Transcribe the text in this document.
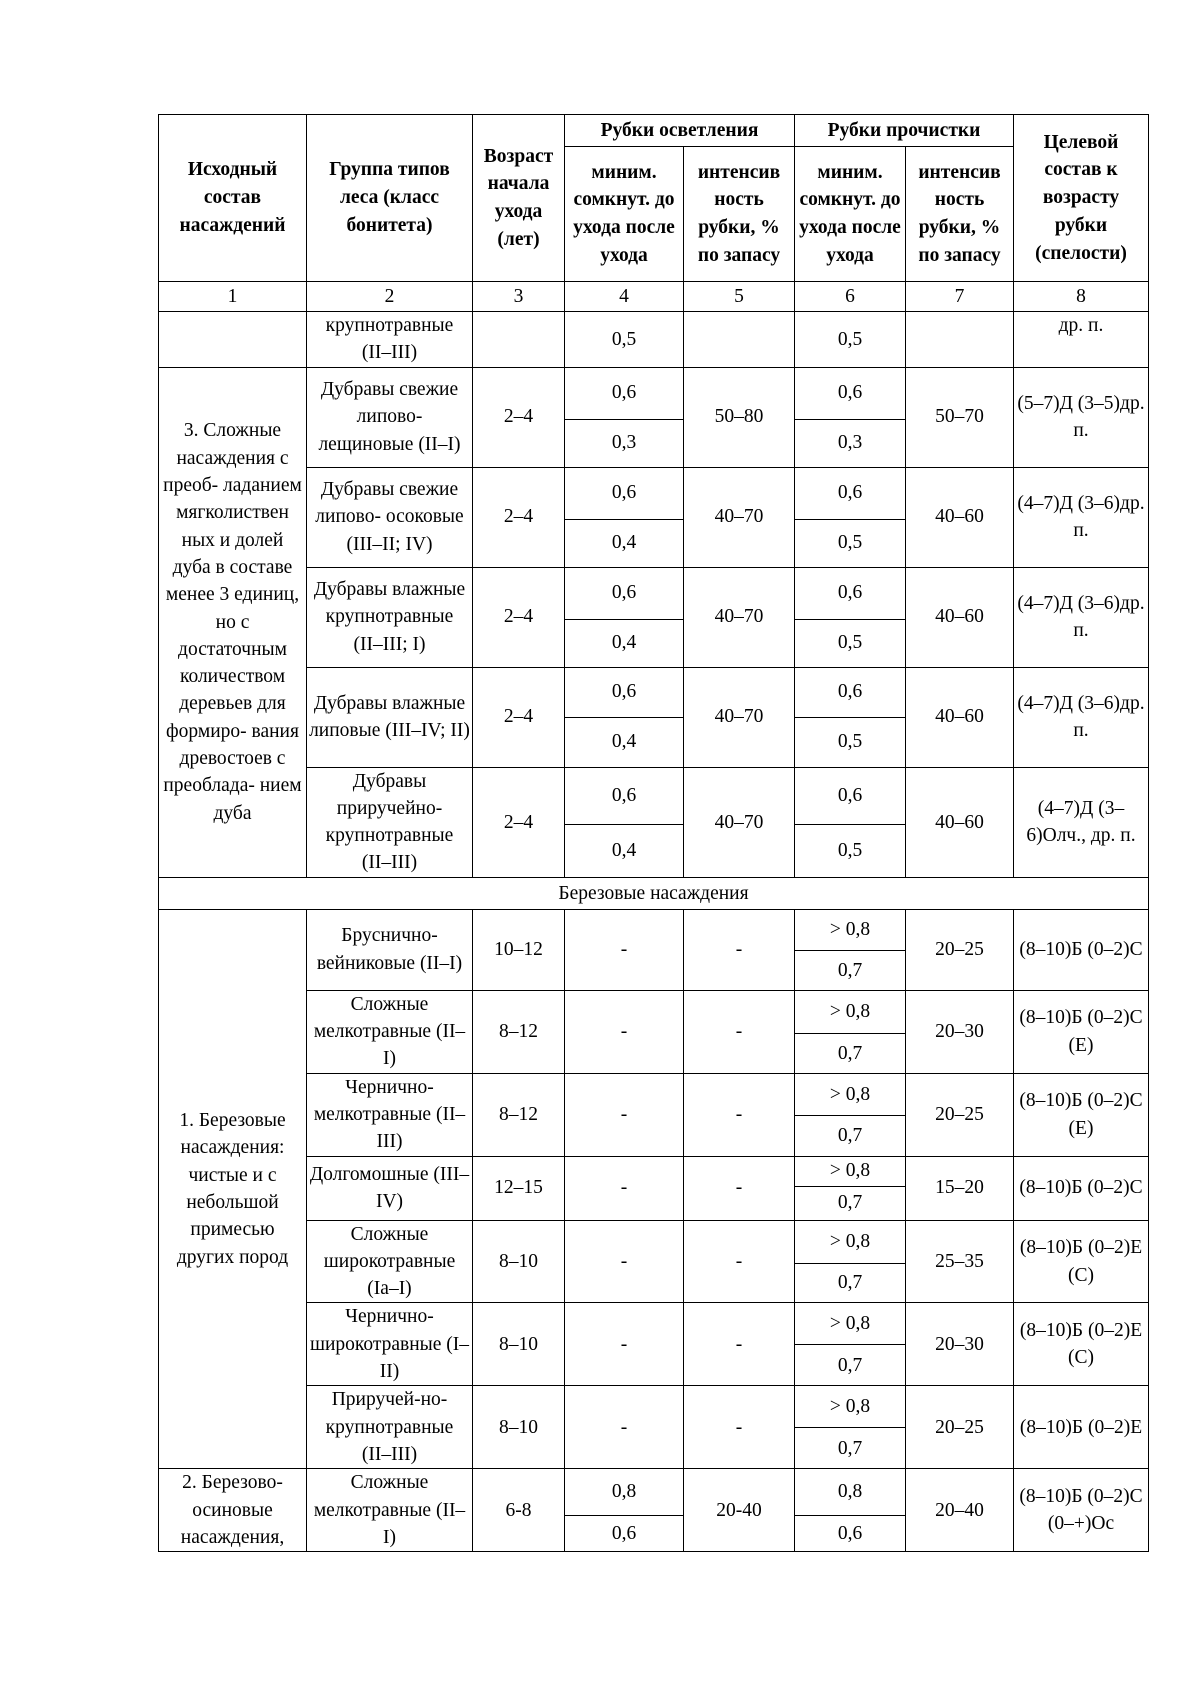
Исходный состав насаждений	Группа типов леса (класс бонитета)	Возраст начала ухода (лет)	Рубки осветления		Рубки прочистки		Целевой состав к возрасту рубки (спелости)
			миним. сомкнут. до ухода после ухода	интенсив ность рубки, % по запасу	миним. сомкнут. до ухода после ухода	интенсив ность рубки, % по запасу	
1	2	3	4	5	6	7	8
	крупнотравные (II–III)		0,5		0,5		др. п.
3. Сложные насаждения с преоб- ладанием мягколиствен ных и долей дуба в составе менее 3 единиц, но с достаточным количеством деревьев для формиро- вания древостоев с преоблада- нием дуба	Дубравы свежие липово- лещиновые (II–I)	2–4	0,6	50–80	0,6	50–70	(5–7)Д (3–5)др. п.
			0,3		0,3		
	Дубравы свежие липово- осоковые (III–II; IV)	2–4	0,6	40–70	0,6	40–60	(4–7)Д (3–6)др. п.
			0,4		0,5		
	Дубравы влажные крупнотравные (II–III; I)	2–4	0,6	40–70	0,6	40–60	(4–7)Д (3–6)др. п.
			0,4		0,5		
	Дубравы влажные липовые (III–IV; II)	2–4	0,6	40–70	0,6	40–60	(4–7)Д (3–6)др. п.
			0,4		0,5		
	Дубравы приручейно- крупнотравные (II–III)	2–4	0,6	40–70	0,6	40–60	(4–7)Д (3–6)Олч., др. п.
			0,4		0,5		
Березовые насаждения							
1. Березовые насаждения: чистые и с небольшой примесью других пород	Бруснично- вейниковые (II–I)	10–12	-	-	> 0,8	20–25	(8–10)Б (0–2)С
					0,7		
	Сложные мелкотравные (II–I)	8–12	-	-	> 0,8	20–30	(8–10)Б (0–2)С (Е)
					0,7		
	Чернично- мелкотравные (II–III)	8–12	-	-	> 0,8	20–25	(8–10)Б (0–2)С (Е)
					0,7		
	Долгомошные (III–IV)	12–15	-	-	> 0,8	15–20	(8–10)Б (0–2)С
					0,7		
	Сложные широкотравные (Ia–I)	8–10	-	-	> 0,8	25–35	(8–10)Б (0–2)Е (С)
					0,7		
	Чернично- широкотравные (I–II)	8–10	-	-	> 0,8	20–30	(8–10)Б (0–2)Е (С)
					0,7		
	Приручей-но- крупнотравные (II–III)	8–10	-	-	> 0,8	20–25	(8–10)Б (0–2)Е
					0,7		
2. Березово- осиновые насаждения,	Сложные мелкотравные (II–I)	6-8	0,8	20-40	0,8	20–40	(8–10)Б (0–2)С (0–+)Ос
			0,6		0,6		
